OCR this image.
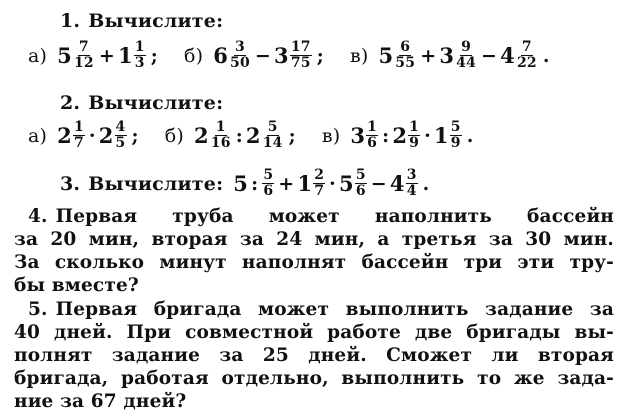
1. Вычислите:
а) $5 \frac{7}{12} + 1 \frac{1}{3}$ ; б) $6 \frac{3}{50} - 3 \frac{17}{75}$ ; в) $5 \frac{6}{55} + 3 \frac{9}{44} - 4 \frac{7}{22}$ .
2. Вычислите:
а) $2 \frac{1}{7} \cdot 2 \frac{4}{5}$ ; б) $2 \frac{1}{16}$ : $2 \frac{5}{14}$ ; в) $3 \frac{1}{6}$ : $2 \frac{1}{9} \cdot 1 \frac{5}{9}$ .
3. Вычислите: 5 : $\frac{5}{6} + 1 \frac{2}{7} \cdot 5 \frac{5}{6} - 4 \frac{3}{4}$ .
4. Первая труба может наполнить бассейн
за 20 мин, вторая за 24 мин, а третья за 30 мин.
За сколько минут наполнят бассейн три эти тру-
бы вместе?
5. Первая бригада может выполнить задание за
40 дней. При совместной работе две бригады вы-
полнят задание за 25 дней. Сможет ли вторая
бригада, работая отдельно, выполнить то же зада-
ние за 67 дней?
